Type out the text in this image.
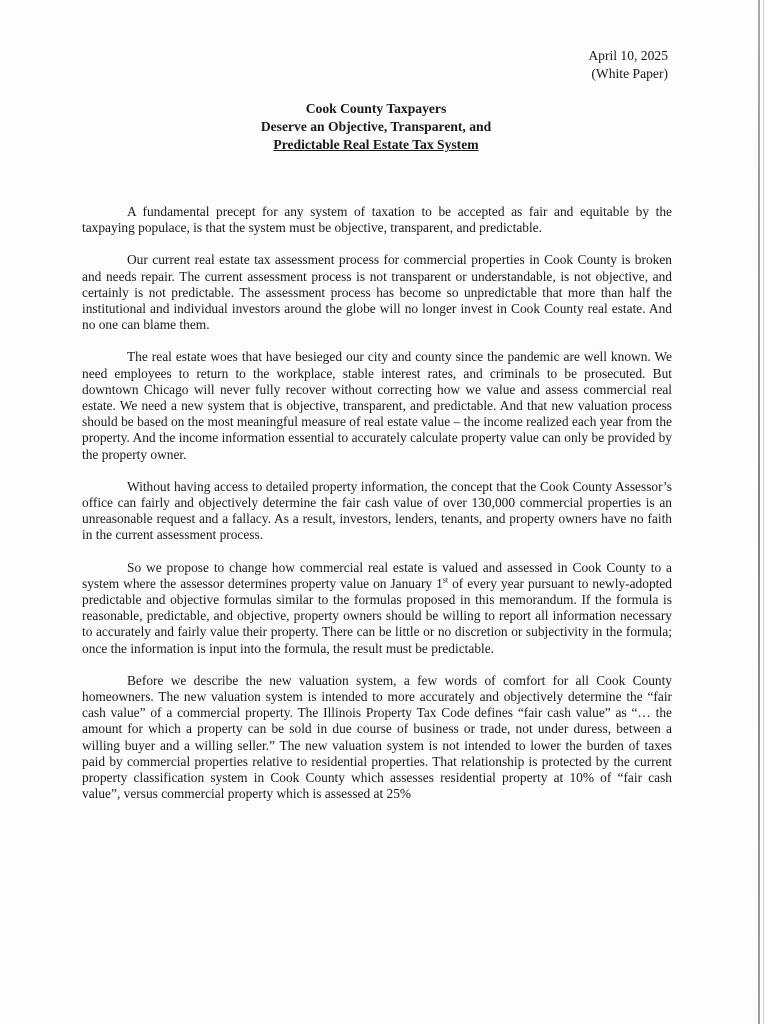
April 10, 2025
(White Paper)
Cook County Taxpayers
Deserve an Objective, Transparent, and
Predictable Real Estate Tax System

A fundamental precept for any system of taxation to be accepted as fair and equitable by the taxpaying populace, is that the system must be objective, transparent, and predictable.

Our current real estate tax assessment process for commercial properties in Cook County is broken and needs repair. The current assessment process is not transparent or understandable, is not objective, and certainly is not predictable. The assessment process has become so unpredictable that more than half the institutional and individual investors around the globe will no longer invest in Cook County real estate. And no one can blame them.

The real estate woes that have besieged our city and county since the pandemic are well known. We need employees to return to the workplace, stable interest rates, and criminals to be prosecuted. But downtown Chicago will never fully recover without correcting how we value and assess commercial real estate. We need a new system that is objective, transparent, and predictable. And that new valuation process should be based on the most meaningful measure of real estate value – the income realized each year from the property. And the income information essential to accurately calculate property value can only be provided by the property owner.

Without having access to detailed property information, the concept that the Cook County Assessor’s office can fairly and objectively determine the fair cash value of over 130,000 commercial properties is an unreasonable request and a fallacy. As a result, investors, lenders, tenants, and property owners have no faith in the current assessment process.

So we propose to change how commercial real estate is valued and assessed in Cook County to a system where the assessor determines property value on January 1st of every year pursuant to newly-adopted predictable and objective formulas similar to the formulas proposed in this memorandum. If the formula is reasonable, predictable, and objective, property owners should be willing to report all information necessary to accurately and fairly value their property. There can be little or no discretion or subjectivity in the formula; once the information is input into the formula, the result must be predictable.

Before we describe the new valuation system, a few words of comfort for all Cook County homeowners. The new valuation system is intended to more accurately and objectively determine the “fair cash value” of a commercial property. The Illinois Property Tax Code defines “fair cash value” as “… the amount for which a property can be sold in due course of business or trade, not under duress, between a willing buyer and a willing seller.” The new valuation system is not intended to lower the burden of taxes paid by commercial properties relative to residential properties. That relationship is protected by the current property classification system in Cook County which assesses residential property at 10% of “fair cash value”, versus commercial property which is assessed at 25%
